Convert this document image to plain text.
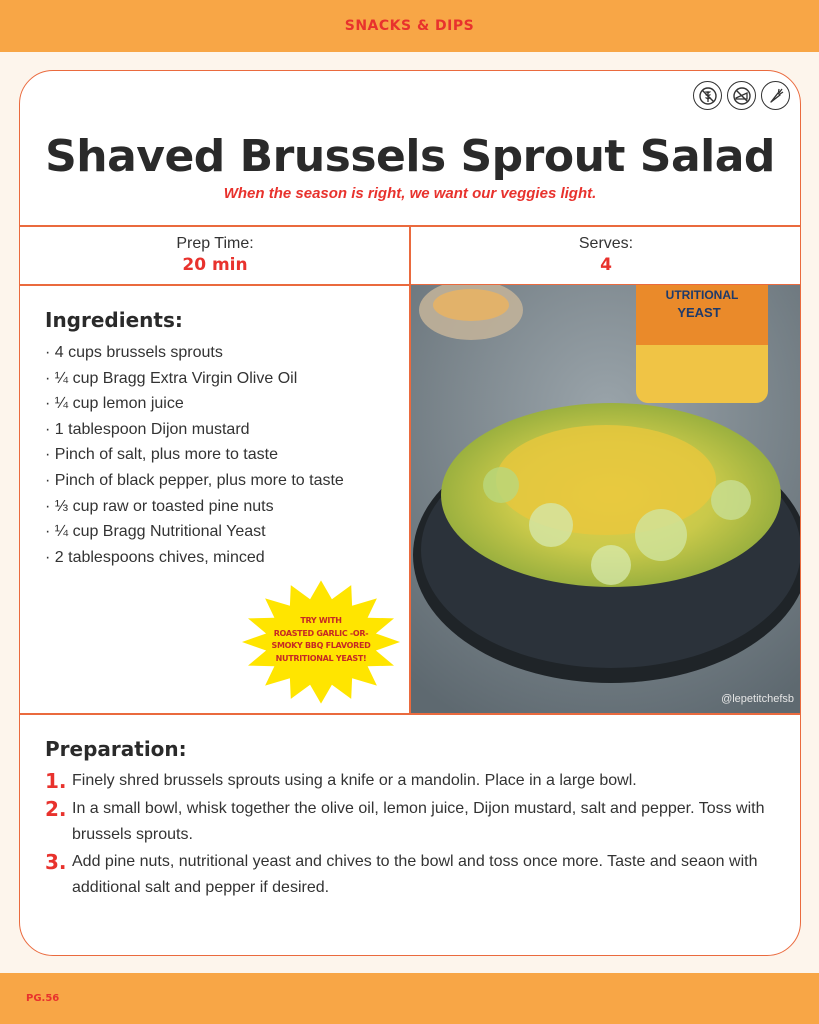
SNACKS & DIPS
Shaved Brussels Sprout Salad

When the season is right, we want our veggies light.

Prep Time:
20 min
Serves:
4
Ingredients:
· 4 cups brussels sprouts
· ¼ cup Bragg Extra Virgin Olive Oil
· ¼ cup lemon juice
· 1 tablespoon Dijon mustard
· Pinch of salt, plus more to taste
· Pinch of black pepper, plus more to taste
· ⅓ cup raw or toasted pine nuts
· ¼ cup Bragg Nutritional Yeast
· 2 tablespoons chives, minced
TRY WITH
ROASTED GARLIC -OR-
SMOKY BBQ FLAVORED
NUTRITIONAL YEAST!
UTRITIONAL
YEAST
@lepetitchefsb
Preparation:
1. Finely shred brussels sprouts using a knife or a mandolin. Place in a large bowl.
2. In a small bowl, whisk together the olive oil, lemon juice, Dijon mustard, salt and pepper. Toss with brussels sprouts.
3. Add pine nuts, nutritional yeast and chives to the bowl and toss once more. Taste and seaon with additional salt and pepper if desired.
PG.56
